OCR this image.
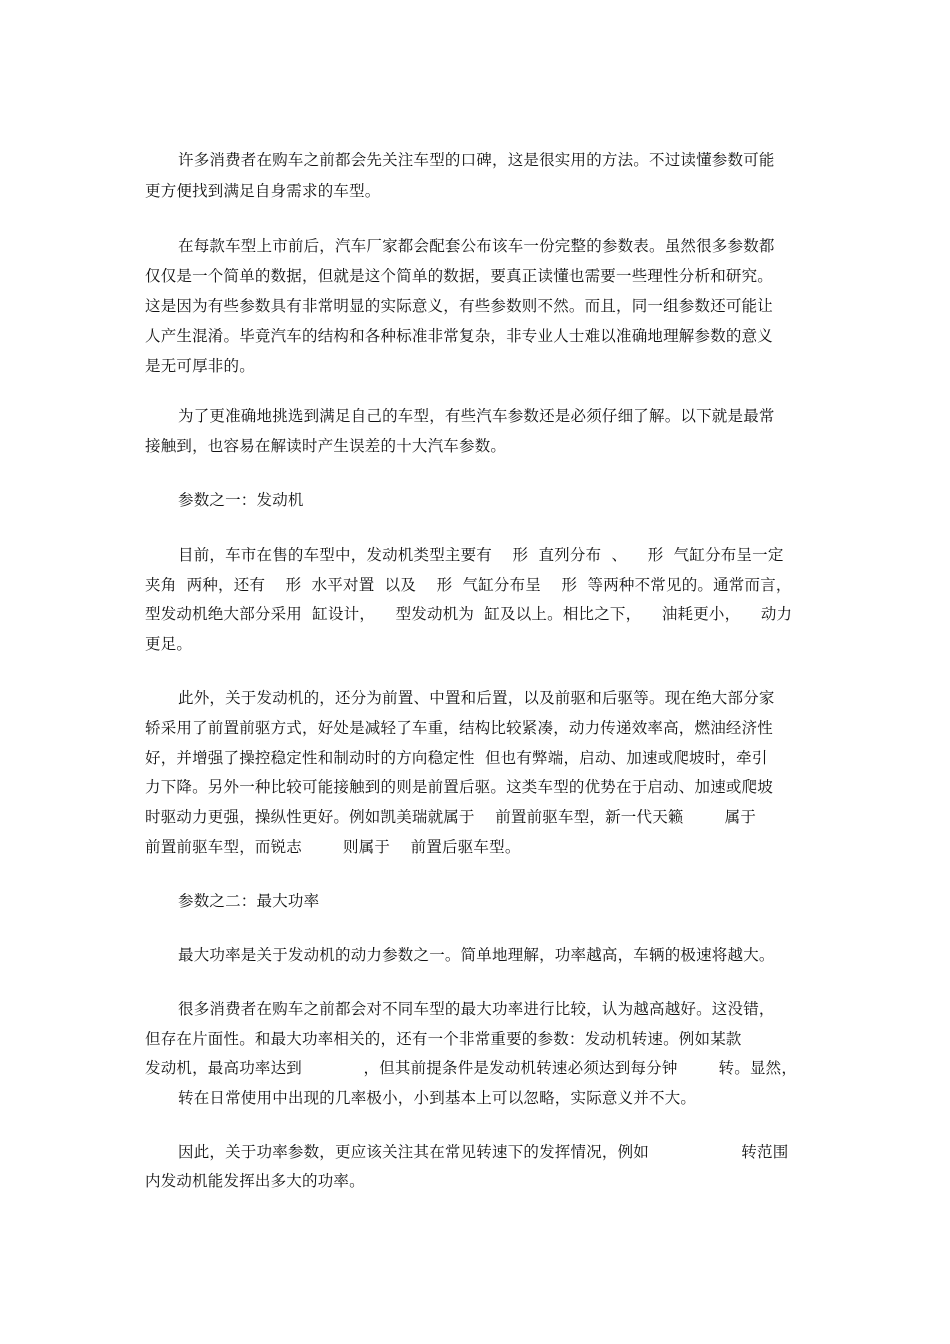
许多消费者在购车之前都会先关注车型的口碑，这是很实用的方法。不过读懂参数可能
更方便找到满足自身需求的车型。
在每款车型上市前后，汽车厂家都会配套公布该车一份完整的参数表。虽然很多参数都
仅仅是一个简单的数据，但就是这个简单的数据，要真正读懂也需要一些理性分析和研究。
这是因为有些参数具有非常明显的实际意义，有些参数则不然。而且，同一组参数还可能让
人产生混淆。毕竟汽车的结构和各种标准非常复杂，非专业人士难以准确地理解参数的意义
是无可厚非的。
为了更准确地挑选到满足自己的车型，有些汽车参数还是必须仔细了解。以下就是最常
接触到，也容易在解读时产生误差的十大汽车参数。
参数之一：发动机
目前，车市在售的车型中，发动机类型主要有    形  直列分布  、    形  气缸分布呈一定
夹角  两种，还有    形  水平对置  以及    形  气缸分布呈    形  等两种不常见的。通常而言，
型发动机绝大部分采用  缸设计，    型发动机为  缸及以上。相比之下，    油耗更小，    动力
更足。
此外，关于发动机的，还分为前置、中置和后置，以及前驱和后驱等。现在绝大部分家
轿采用了前置前驱方式，好处是减轻了车重，结构比较紧凑，动力传递效率高，燃油经济性
好，并增强了操控稳定性和制动时的方向稳定性  但也有弊端，启动、加速或爬坡时，牵引
力下降。另外一种比较可能接触到的则是前置后驱。这类车型的优势在于启动、加速或爬坡
时驱动力更强，操纵性更好。例如凯美瑞就属于    前置前驱车型，新一代天籁        属于
前置前驱车型，而锐志        则属于    前置后驱车型。
参数之二：最大功率
最大功率是关于发动机的动力参数之一。简单地理解，功率越高，车辆的极速将越大。
很多消费者在购车之前都会对不同车型的最大功率进行比较，认为越高越好。这没错，
但存在片面性。和最大功率相关的，还有一个非常重要的参数：发动机转速。例如某款
发动机，最高功率达到            ，但其前提条件是发动机转速必须达到每分钟        转。显然，
转在日常使用中出现的几率极小，小到基本上可以忽略，实际意义并不大。
因此，关于功率参数，更应该关注其在常见转速下的发挥情况，例如                  转范围
内发动机能发挥出多大的功率。
